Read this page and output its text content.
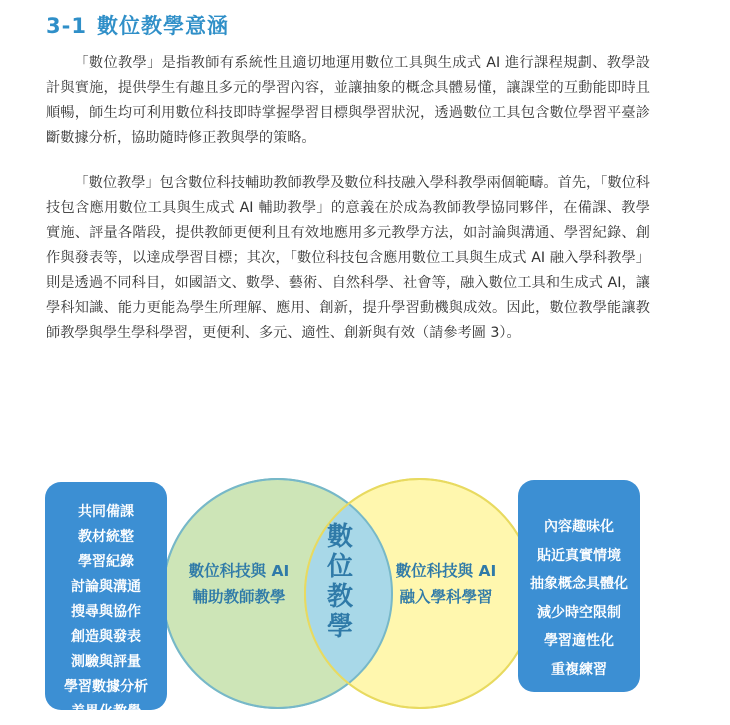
3-1 數位教學意涵

「數位教學」是指教師有系統性且適切地運用數位工具與生成式 AI 進行課程規劃、教學設計與實施，提供學生有趣且多元的學習內容，並讓抽象的概念具體易懂，讓課堂的互動能即時且順暢，師生均可利用數位科技即時掌握學習目標與學習狀況，透過數位工具包含數位學習平臺診斷數據分析，協助隨時修正教與學的策略。

「數位教學」包含數位科技輔助教師教學及數位科技融入學科教學兩個範疇。首先，「數位科技包含應用數位工具與生成式 AI 輔助教學」的意義在於成為教師教學協同夥伴，在備課、教學實施、評量各階段，提供教師更便利且有效地應用多元教學方法，如討論與溝通、學習紀錄、創作與發表等，以達成學習目標；其次，「數位科技包含應用數位工具與生成式 AI 融入學科教學」則是透過不同科目，如國語文、數學、藝術、自然科學、社會等，融入數位工具和生成式 AI，讓學科知識、能力更能為學生所理解、應用、創新，提升學習動機與成效。因此，數位教學能讓教師教學與學生學科學習，更便利、多元、適性、創新與有效（請參考圖 3）。

共同備課
教材統整
學習紀錄
討論與溝通
搜尋與協作
創造與發表
測驗與評量
學習數據分析
差異化教學
數位科技與 AI
輔助教師教學
數
位
教
學
數位科技與 AI
融入學科學習
內容趣味化
貼近真實情境
抽象概念具體化
減少時空限制
學習適性化
重複練習
